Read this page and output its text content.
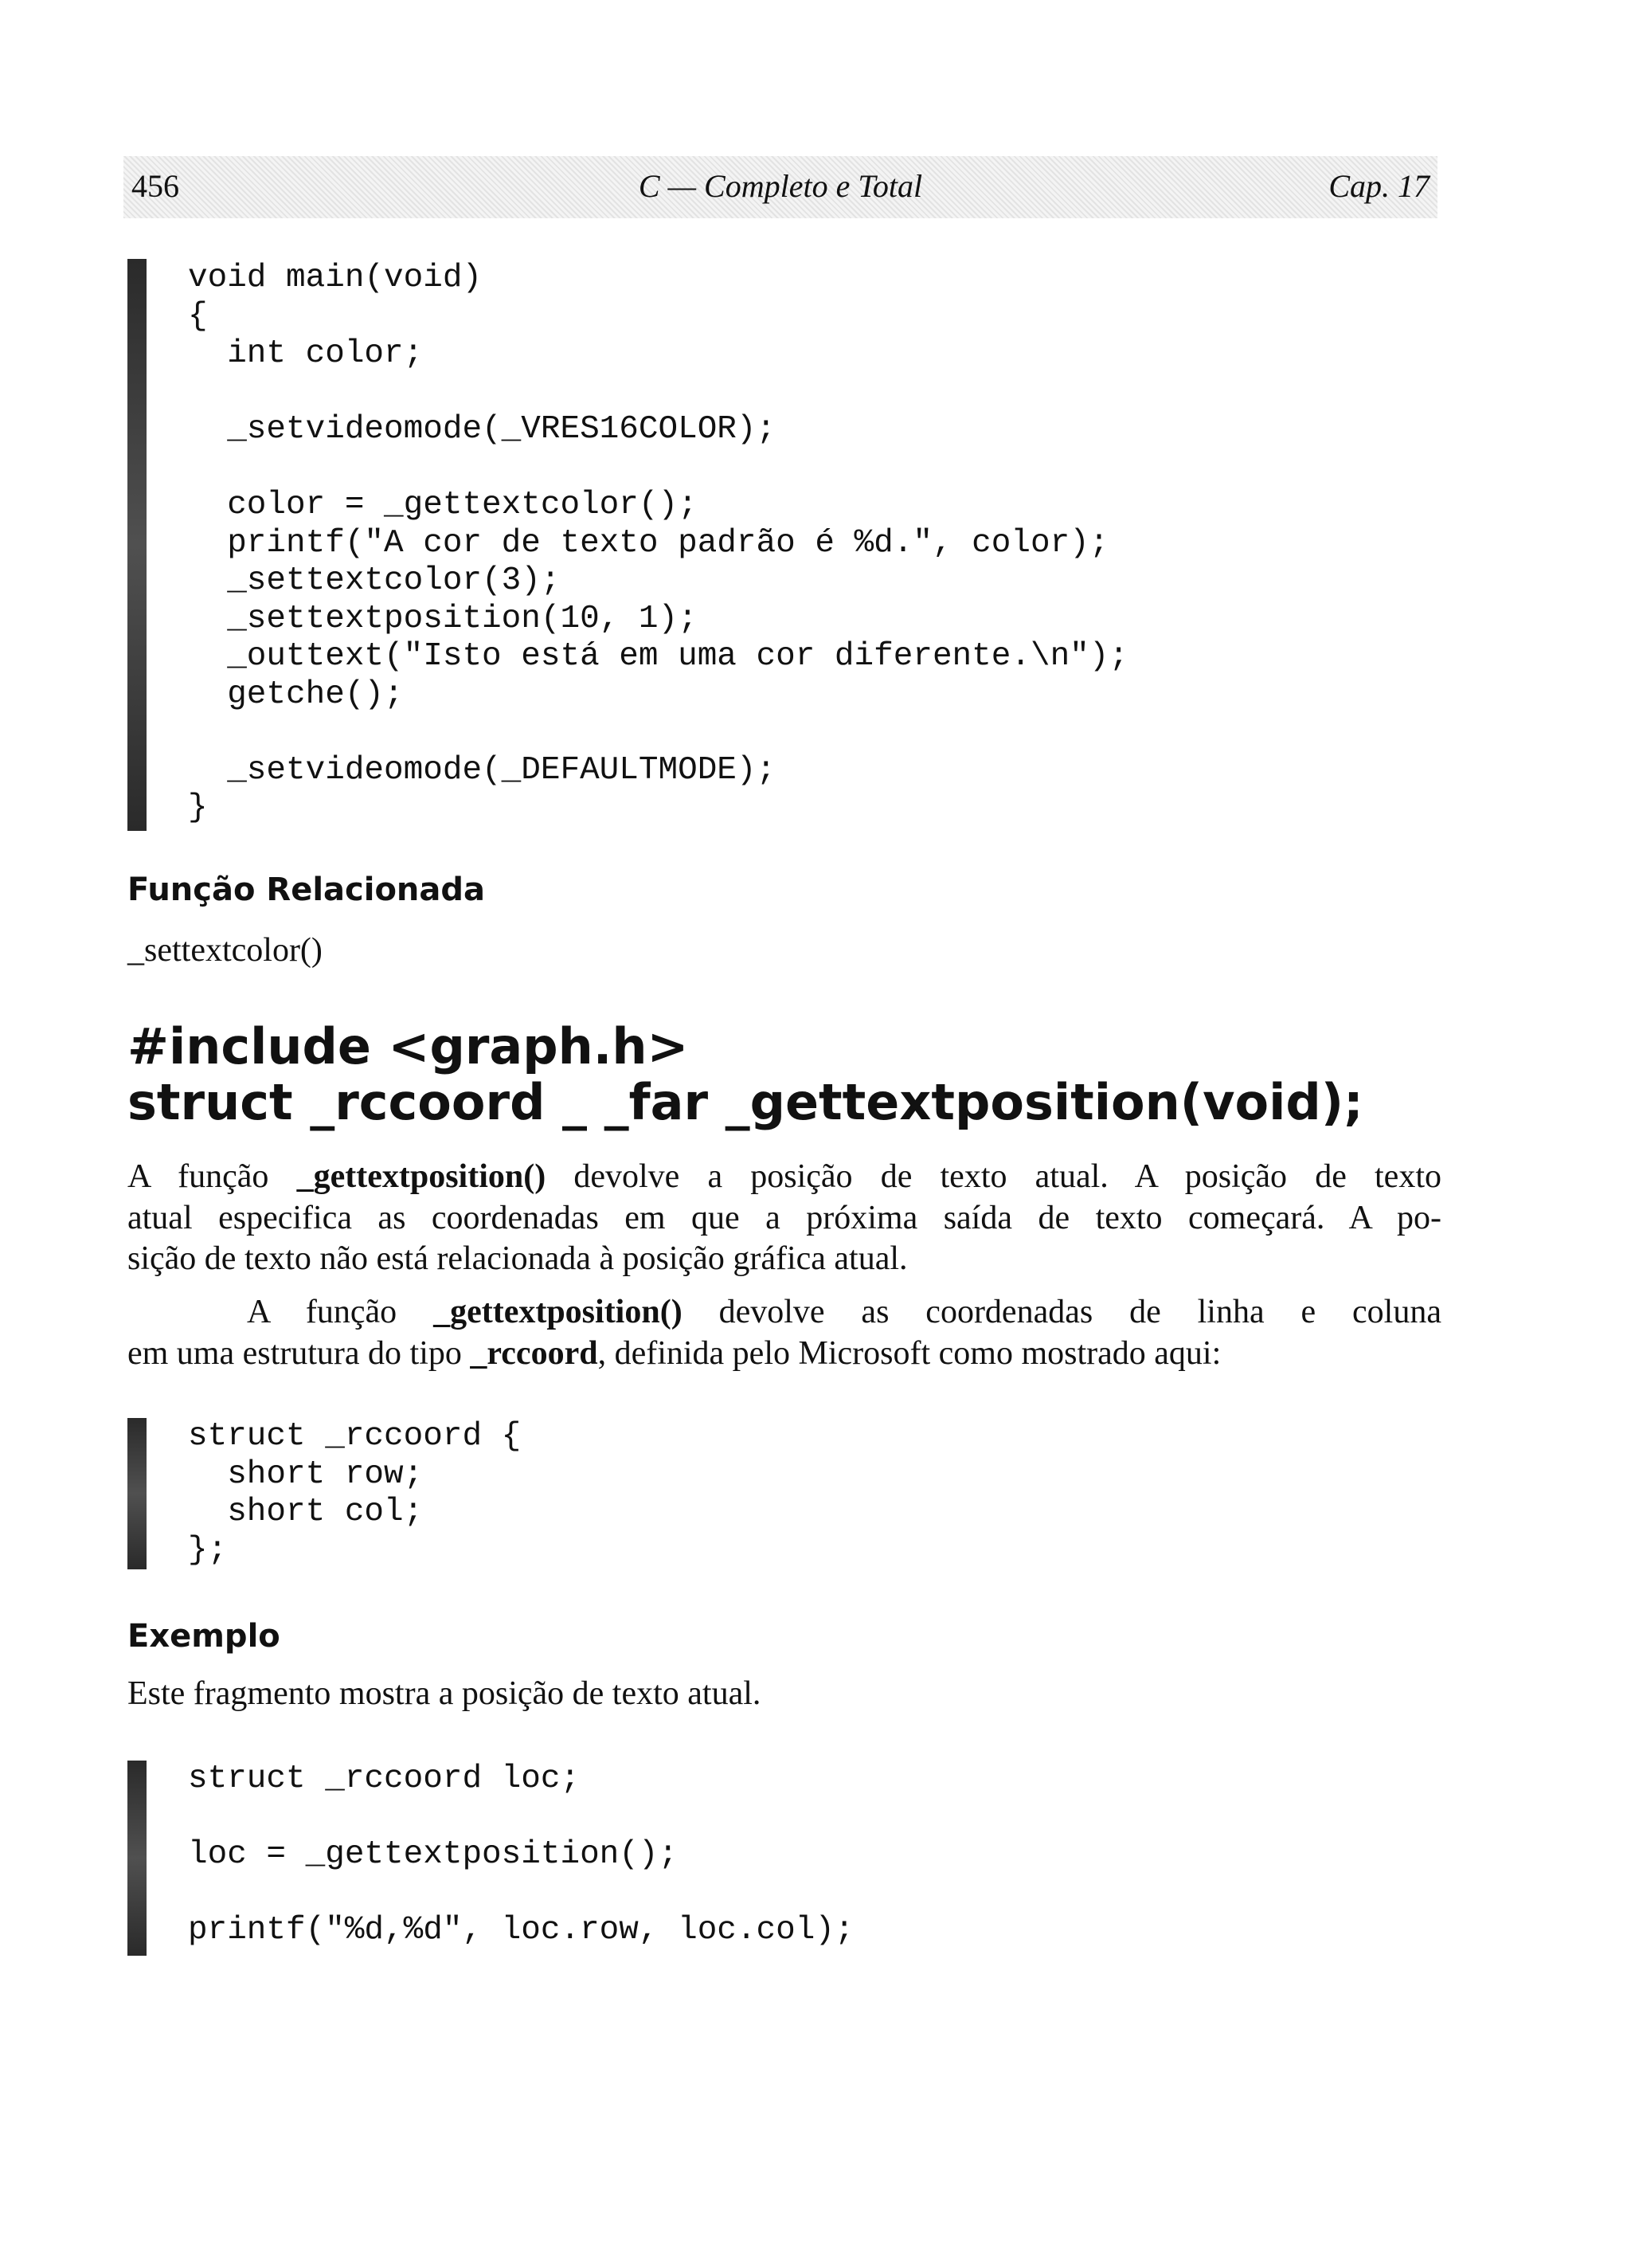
456	C — Completo e Total	Cap. 17
void main(void)
{
int color;
_setvideomode(_VRES16COLOR);
color = _gettextcolor();
printf("A cor de texto padrão é %d.", color);
_settextcolor(3);
_settextposition(10, 1);
_outtext("Isto está em uma cor diferente.\n");
getche();
_setvideomode(_DEFAULTMODE);
}
Função Relacionada
_settextcolor()
#include <graph.h>
struct _rccoord _ _far _gettextposition(void);
A função _gettextposition() devolve a posição de texto atual. A posição de texto
atual especifica as coordenadas em que a próxima saída de texto começará. A po-
sição de texto não está relacionada à posição gráfica atual.
A função _gettextposition() devolve as coordenadas de linha e coluna
em uma estrutura do tipo _rccoord, definida pelo Microsoft como mostrado aqui:
struct _rccoord {
short row;
short col;
};
Exemplo
Este fragmento mostra a posição de texto atual.
struct _rccoord loc;
loc = _gettextposition();
printf("%d,%d", loc.row, loc.col);
